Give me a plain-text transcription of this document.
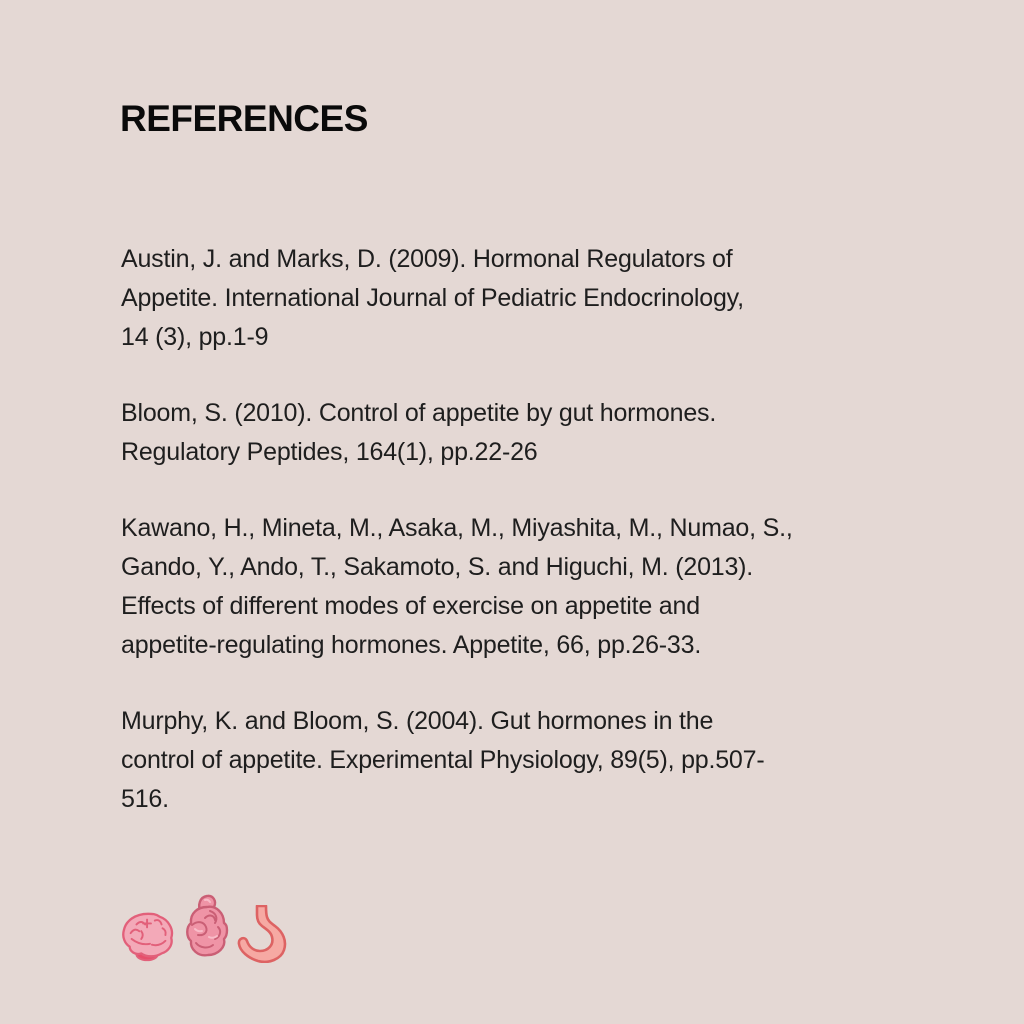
REFERENCES

Austin, J. and Marks, D. (2009). Hormonal Regulators of
Appetite. International Journal of Pediatric Endocrinology,
14 (3), pp.1-9

Bloom, S. (2010). Control of appetite by gut hormones.
Regulatory Peptides, 164(1), pp.22-26

Kawano, H., Mineta, M., Asaka, M., Miyashita, M., Numao, S.,
Gando, Y., Ando, T., Sakamoto, S. and Higuchi, M. (2013).
Effects of different modes of exercise on appetite and
appetite-regulating hormones. Appetite, 66, pp.26-33.

Murphy, K. and Bloom, S. (2004). Gut hormones in the
control of appetite. Experimental Physiology, 89(5), pp.507-
516.
